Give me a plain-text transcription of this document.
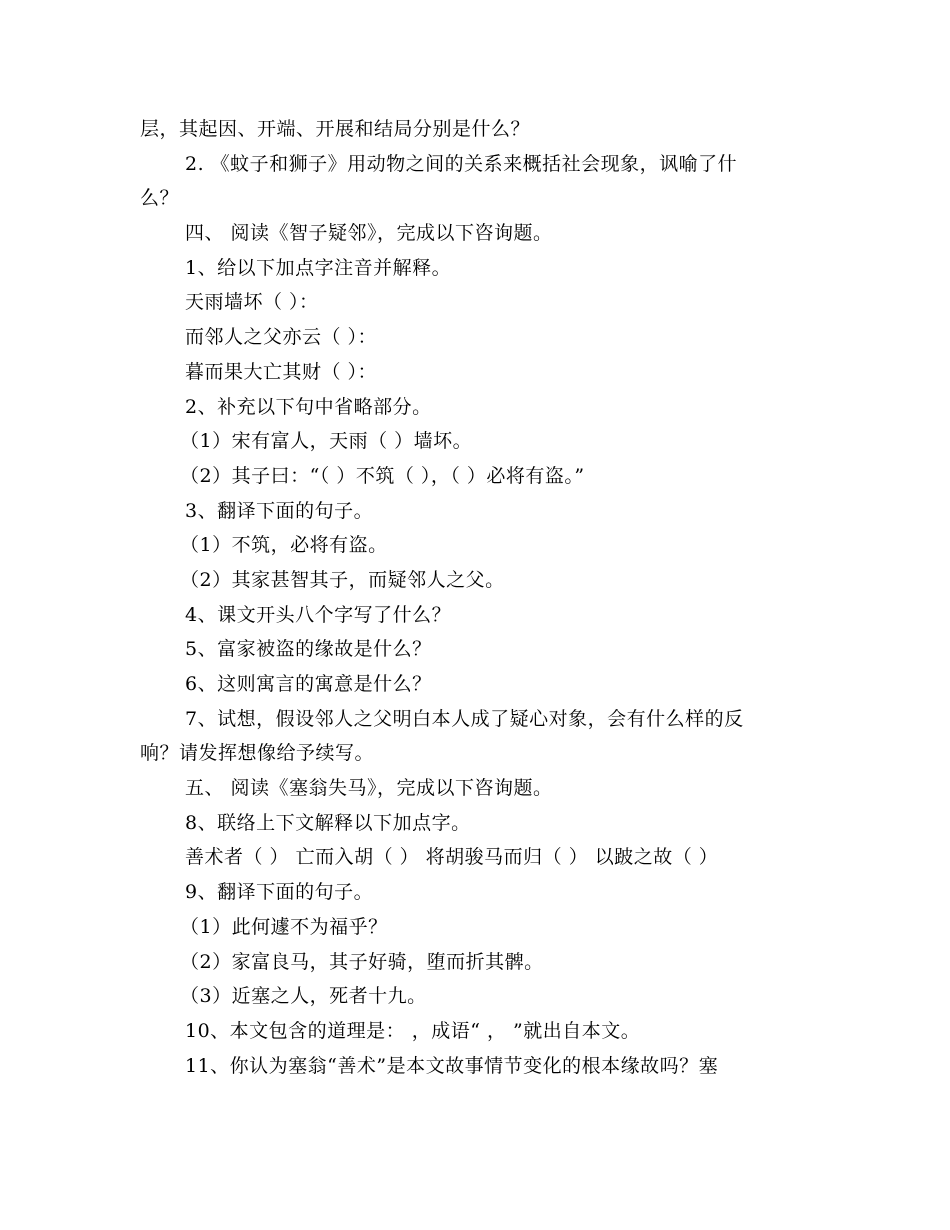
层，其起因、开端、开展和结局分别是什么？
2. 《蚊子和狮子》用动物之间的关系来概括社会现象，讽喻了什
么？
四、 阅读《智子疑邻》，完成以下咨询题。
1、给以下加点字注音并解释。
天雨墙坏（ ）：
而邻人之父亦云（ ）：
暮而果大亡其财（ ）：
2、补充以下句中省略部分。
（1）宋有富人，天雨（ ）墙坏。
（2）其子曰：“（ ）不筑（ ），（ ）必将有盗。”
3、翻译下面的句子。
（1）不筑，必将有盗。
（2）其家甚智其子，而疑邻人之父。
4、课文开头八个字写了什么？
5、富家被盗的缘故是什么？
6、这则寓言的寓意是什么？
7、试想，假设邻人之父明白本人成了疑心对象，会有什么样的反
响？请发挥想像给予续写。
五、 阅读《塞翁失马》，完成以下咨询题。
8、联络上下文解释以下加点字。
善术者（ ） 亡而入胡（ ） 将胡骏马而归（ ） 以跛之故（ ）
9、翻译下面的句子。
（1）此何遽不为福乎？
（2）家富良马，其子好骑，堕而折其髀。
（3）近塞之人，死者十九。
10、本文包含的道理是： ，成语“ ， ”就出自本文。
11、你认为塞翁“善术”是本文故事情节变化的根本缘故吗？塞
